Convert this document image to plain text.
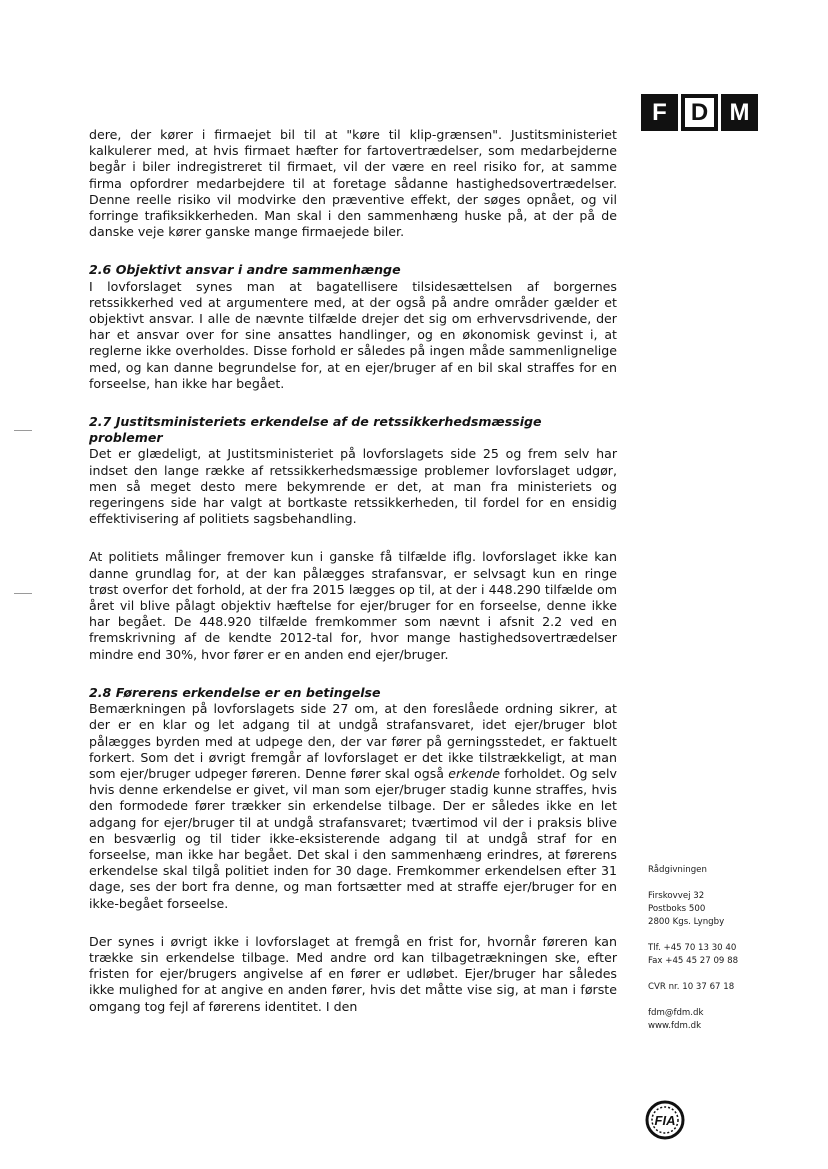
F	D M

dere, der kører i firmaejet bil til at "køre til klip-grænsen". Justitsministeriet kalkulerer med, at hvis firmaet hæfter for fartovertrædelser, som medarbejderne begår i biler indregistreret til firmaet, vil der være en reel risiko for, at samme firma opfordrer medarbejdere til at foretage sådanne hastighedsovertrædelser. Denne reelle risiko vil modvirke den præventive effekt, der søges opnået, og vil forringe trafiksikkerheden. Man skal i den sammenhæng huske på, at der på de danske veje kører ganske mange firmaejede biler.

2.6 Objektivt ansvar i andre sammenhænge

I lovforslaget synes man at bagatellisere tilsidesættelsen af borgernes retssikkerhed ved at argumentere med, at der også på andre områder gælder et objektivt ansvar. I alle de nævnte tilfælde drejer det sig om erhvervsdrivende, der har et ansvar over for sine ansattes handlinger, og en økonomisk gevinst i, at reglerne ikke overholdes. Disse forhold er således på ingen måde sammenlignelige med, og kan danne begrundelse for, at en ejer/bruger af en bil skal straffes for en forseelse, han ikke har begået.

2.7 Justitsministeriets erkendelse af de retssikkerhedsmæssige problemer

Det er glædeligt, at Justitsministeriet på lovforslagets side 25 og frem selv har indset den lange række af retssikkerhedsmæssige problemer lovforslaget udgør, men så meget desto mere bekymrende er det, at man fra ministeriets og regeringens side har valgt at bortkaste retssikkerheden, til fordel for en ensidig effektivisering af politiets sagsbehandling.

At politiets målinger fremover kun i ganske få tilfælde iflg. lovforslaget ikke kan danne grundlag for, at der kan pålægges strafansvar, er selvsagt kun en ringe trøst overfor det forhold, at der fra 2015 lægges op til, at der i 448.290 tilfælde om året vil blive pålagt objektiv hæftelse for ejer/bruger for en forseelse, denne ikke har begået. De 448.920 tilfælde fremkommer som nævnt i afsnit 2.2 ved en fremskrivning af de kendte 2012-tal for, hvor mange hastighedsovertrædelser mindre end 30%, hvor fører er en anden end ejer/bruger.

2.8 Førerens erkendelse er en betingelse

Bemærkningen på lovforslagets side 27 om, at den foreslåede ordning sikrer, at der er en klar og let adgang til at undgå strafansvaret, idet ejer/bruger blot pålægges byrden med at udpege den, der var fører på gerningsstedet, er faktuelt forkert. Som det i øvrigt fremgår af lovforslaget er det ikke tilstrækkeligt, at man som ejer/bruger udpeger føreren. Denne fører skal også erkende forholdet. Og selv hvis denne erkendelse er givet, vil man som ejer/bruger stadig kunne straffes, hvis den formodede fører trækker sin erkendelse tilbage. Der er således ikke en let adgang for ejer/bruger til at undgå strafansvaret; tværtimod vil der i praksis blive en besværlig og til tider ikke-eksisterende adgang til at undgå straf for en forseelse, man ikke har begået. Det skal i den sammenhæng erindres, at førerens erkendelse skal tilgå politiet inden for 30 dage. Fremkommer erkendelsen efter 31 dage, ses der bort fra denne, og man fortsætter med at straffe ejer/bruger for en ikke-begået forseelse.

Der synes i øvrigt ikke i lovforslaget at fremgå en frist for, hvornår føreren kan trække sin erkendelse tilbage. Med andre ord kan tilbagetrækningen ske, efter fristen for ejer/brugers angivelse af en fører er udløbet. Ejer/bruger har således ikke mulighed for at angive en anden fører, hvis det måtte vise sig, at man i første omgang tog fejl af førerens identitet. I den

Rådgivningen

Firskovvej 32

Postboks 500

2800 Kgs. Lyngby

Tlf. +45 70 13 30 40

Fax +45 45 27 09 88

CVR nr. 10 37 67 18

fdm@fdm.dk

www.fdm.dk

FIA
